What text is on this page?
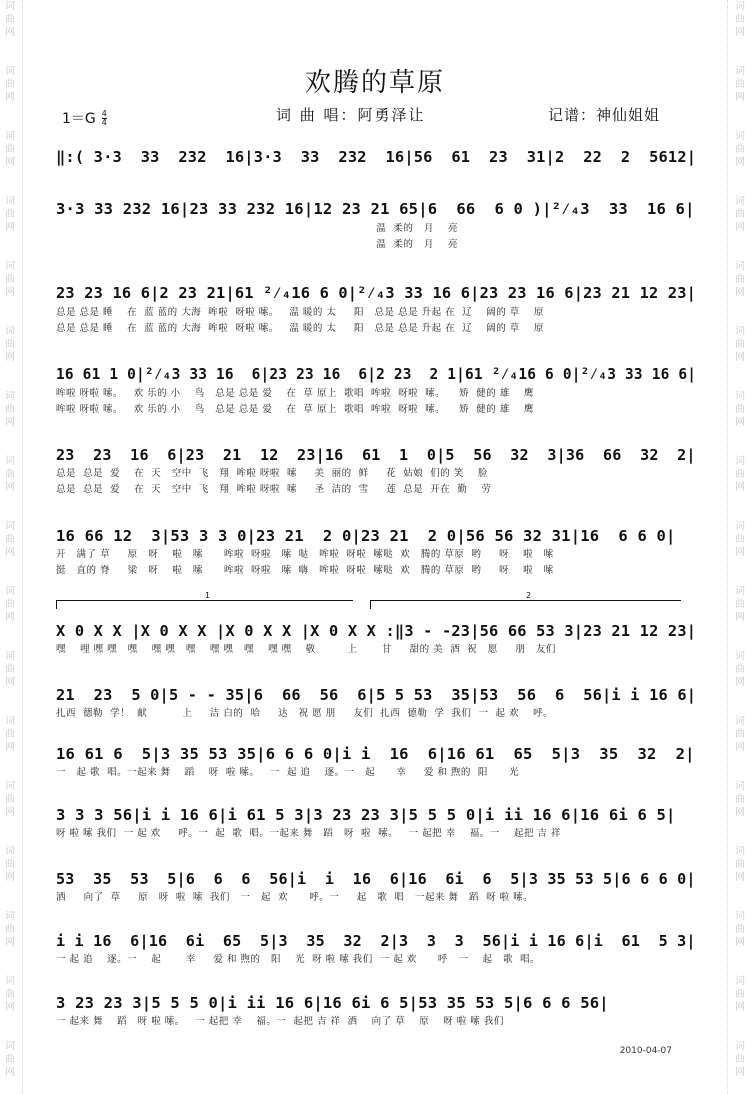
词
曲
网

词
曲
网

词
曲
网

词
曲
网

词
曲
网

词
曲
网

词
曲
网

词
曲
网

词
曲
网

词
曲
网

词
曲
网

词
曲
网

词
曲
网

词
曲
网

词
曲
网

词
曲
网

词
曲
网
词
曲
网

词
曲
网

词
曲
网

词
曲
网

词
曲
网

词
曲
网

词
曲
网

词
曲
网

词
曲
网

词
曲
网

词
曲
网

词
曲
网

词
曲
网

词
曲
网

词
曲
网

词
曲
网

词
曲
网
欢腾的草原
1＝G 4
4	词 曲 唱：阿勇泽让	记谱：神仙姐姐
‖:( 3·3  33  232  16|3·3  33  232  16|56  61  23  31|2  22  2  5612|
3·3 33 232 16|23 33 232 16|12 23 21 65|6  66  6 0 )|²⁄₄3  33  16 6|
温  柔的   月    亮
温  柔的   月    亮
23 23 16 6|2 23 21|61 ²⁄₄16 6 0|²⁄₄3 33 16 6|23 23 16 6|23 21 12 23|
总是 总是 睡    在  蓝 蓝的 大海  哞啦  呀啦 嗦。   温 暖的 太     阳   总是 总是 升起 在  辽    阔的 草    原
总是 总是 睡    在  蓝 蓝的 大海  哞啦  呀啦 嗦。   温 暖的 太     阳   总是 总是 升起 在  辽    阔的 草    原
16 61 1 0|²⁄₄3 33 16  6|23 23 16  6|2 23  2 1|61 ²⁄₄16 6 0|²⁄₄3 33 16 6|
哞啦 呀啦 嗦。   欢 乐的 小    鸟   总是 总是 爱    在  草 原上  歌唱  哞啦  呀啦  嗦。    矫  健的 雄    鹰
哞啦 呀啦 嗦。   欢 乐的 小    鸟   总是 总是 爱    在  草 原上  歌唱  哞啦  呀啦  嗦。    矫  健的 雄    鹰
23  23  16  6|23  21  12  23|16  61  1  0|5  56  32  3|36  66  32  2|
总是  总是  爱    在  天   空中  飞   翔  哞啦 呀啦  嗦     美  丽的  鲜     花  姑娘  们的 笑    脸
总是  总是  爱    在  天   空中  飞   翔  哞啦 呀啦  嗦     圣  洁的  雪     莲  总是  开在  勤    劳
16 66 12  3|53 3 3 0|23 21  2 0|23 21  2 0|56 56 32 31|16  6 6 0|
开   满了 草     原   呀    啦   嗦      哞啦  呀啦   嗦  哒   哞啦  呀啦  嗦哒  欢   腾的 草原  哟     呀    啦   嗦
挺   直的 脊     梁   呀    啦   嗦      哞啦  呀啦   嗦  嗨   哞啦  呀啦  嗦哒  欢   腾的 草原  哟     呀    啦   嗦
X 0 X X |X 0 X X |X 0 X X |X 0 X X :‖3 - -23|56 66 53 3|23 21 12 23|
嘿    哩 嘿 嘿   嘿    嘿 嘿   嘿    嘿 嘿   嘿    嘿 嘿    敬         上       甘     甜的 美  酒  祝   愿     朋   友们
21  23  5 0|5 - - 35|6  66  56  6|5 5 53  35|53  56  6  56|i i 16 6|
扎西  德勒  学！  献          上     洁 白的  哈     达   祝 愿 朋     友们  扎西  德勒  学  我们  一  起 欢    呼。
16 61 6  5|3 35 53 35|6 6 6 0|i i  16  6|16 61  65  5|3  35  32  2|
一   起 歌  唱。一起来 舞    蹈    呀  啦 嗦。   一  起 追    逐。一   起      幸     爱 和 煦的  阳      光
3 3 3 56|i i 16 6|i 61 5 3|3 23 23 3|5 5 5 0|i ii 16 6|16 6i 6 5|
呀 啦 嗦 我们  一 起 欢     呼。一  起  歌  唱。一起来 舞   蹈   呀  啦  嗦。   一 起把 幸    福。一    起把 吉 祥
53  35  53  5|6  6  6  56|i  i  16  6|16  6i  6  5|3 35 53 5|6 6 6 0|
洒     向了  草     原   呀  啦  嗦  我们   一   起  欢      呼。一     起   歌  唱   一起来 舞   蹈  呀 啦 嗦。
i i 16  6|16  6i  65  5|3  35  32  2|3  3  3  56|i i 16 6|i  61  5 3|
一 起 追    逐。一    起       幸     爱 和 煦的   阳    光  呀 啦 嗦 我们  一 起 欢      呼   一    起   歌  唱。
3 23 23 3|5 5 5 0|i ii 16 6|16 6i 6 5|53 35 53 5|6 6 6 56|
一 起来 舞    蹈   呀 啦 嗦。   一 起把 幸    福。一  起把 吉 祥  洒    向了 草    原    呀 啦 嗦 我们
1	2
2010-04-07
